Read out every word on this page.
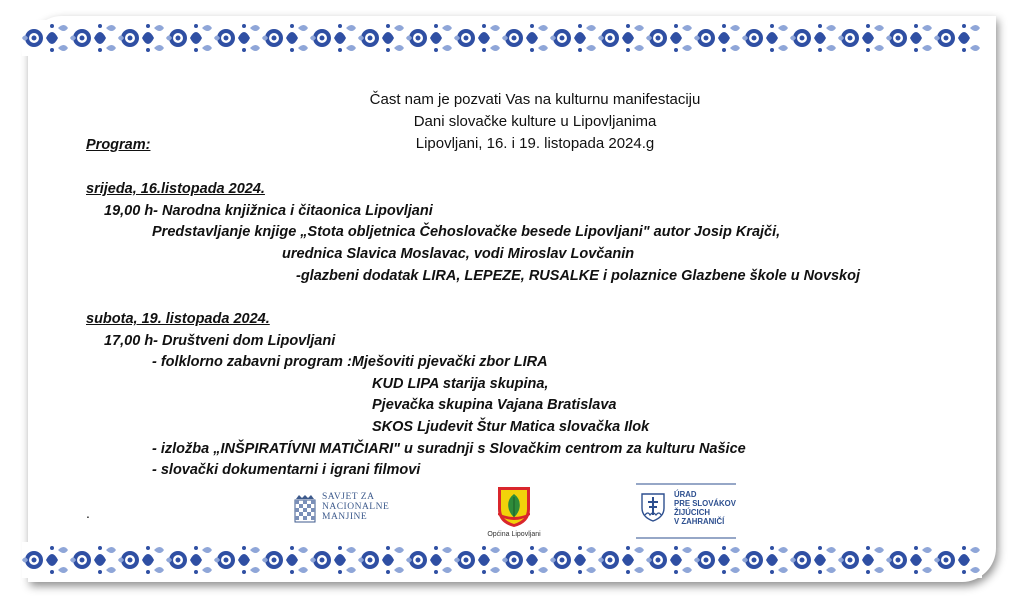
Čast nam je pozvati Vas na kulturnu manifestaciju
Dani slovačke kulture u Lipovljanima
Lipovljani, 16. i 19. listopada 2024.g
Program:
srijeda, 16.listopada 2024.
19,00 h- Narodna knjižnica i čitaonica Lipovljani
Predstavljanje knjige „Stota obljetnica Čehoslovačke besede Lipovljani" autor Josip Krajči,
urednica Slavica Moslavac, vodi Miroslav Lovčanin
-glazbeni dodatak LIRA, LEPEZE, RUSALKE i polaznice Glazbene škole u Novskoj
subota, 19. listopada 2024.
17,00 h- Društveni dom Lipovljani
- folklorno zabavni program :Mješoviti pjevački zbor LIRA
KUD LIPA starija skupina,
Pjevačka skupina Vajana Bratislava
SKOS Ljudevit Štur Matica slovačka Ilok
- izložba „INŠPIRATÍVNI MATIČIARI" u suradnji s Slovačkim centrom za kulturu Našice
- slovački dokumentarni i igrani filmovi
.
SAVJET ZA
NACIONALNE
MANJINE
Općina Lipovljani
ÚRAD
PRE SLOVÁKOV
ŽIJÚCICH
V ZAHRANIČÍ
